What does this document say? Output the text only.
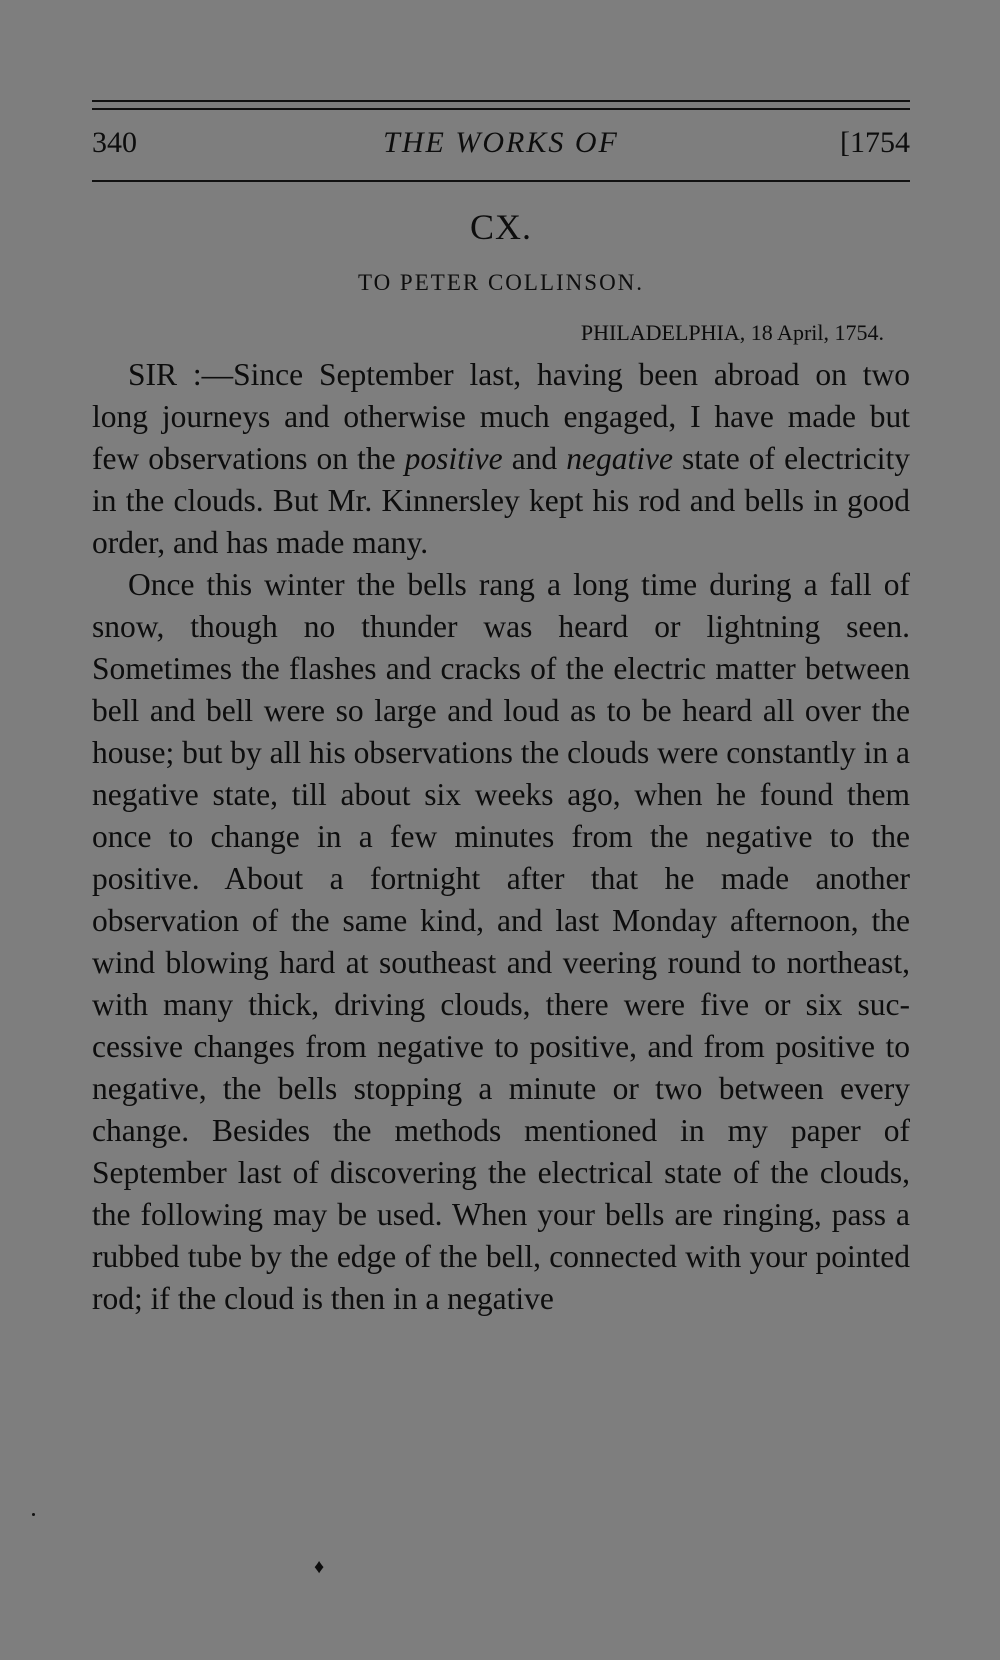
340	THE WORKS OF	[1754
CX.
TO PETER COLLINSON.
PHILADELPHIA, 18 April, 1754.

SIR :—Since September last, having been abroad on two long journeys and otherwise much engaged, I have made but few observations on the positive and negative state of electricity in the clouds. But Mr. Kinnersley kept his rod and bells in good order, and has made many.

Once this winter the bells rang a long time during a fall of snow, though no thunder was heard or lightning seen. Sometimes the flashes and cracks of the electric matter between bell and bell were so large and loud as to be heard all over the house; but by all his observations the clouds were constantly in a negative state, till about six weeks ago, when he found them once to change in a few minutes from the negative to the positive. About a fortnight after that he made another observation of the same kind, and last Monday afternoon, the wind blowing hard at southeast and veering round to northeast, with many thick, driving clouds, there were five or six successive changes from negative to positive, and from positive to negative, the bells stopping a minute or two between every change. Besides the methods mentioned in my paper of September last of discovering the electrical state of the clouds, the following may be used. When your bells are ringing, pass a rubbed tube by the edge of the bell, connected with your pointed rod; if the cloud is then in a negative

♦
